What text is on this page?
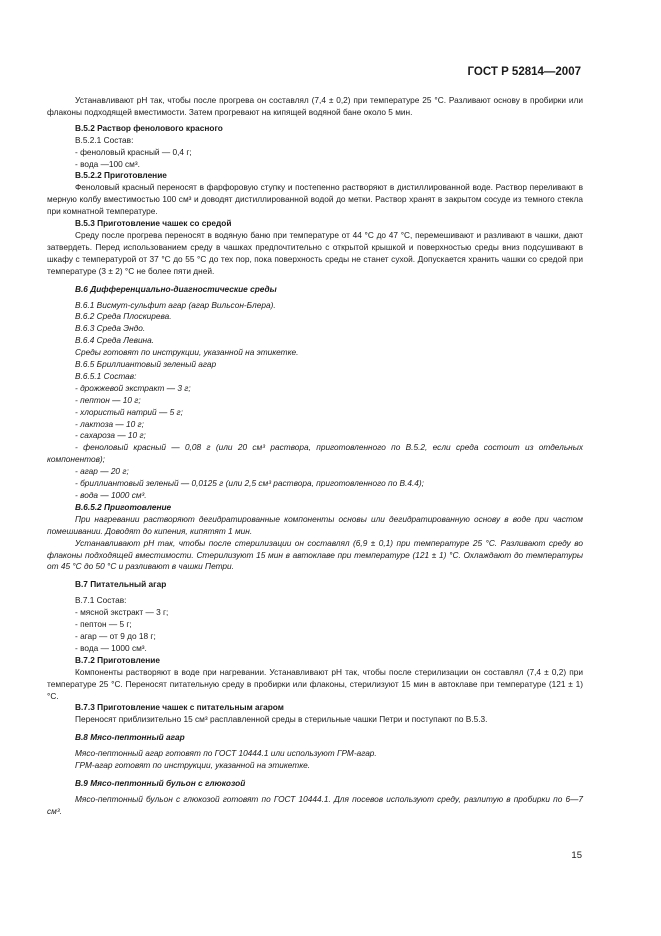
ГОСТ Р 52814—2007

Устанавливают pH так, чтобы после прогрева он составлял (7,4 ± 0,2) при температуре 25 °С. Разливают основу в пробирки или флаконы подходящей вместимости. Затем прогревают на кипящей водяной бане около 5 мин.

В.5.2 Раствор фенолового красного

В.5.2.1 Состав:

- феноловый красный — 0,4 г;

- вода —100 см³.

В.5.2.2 Приготовление

Феноловый красный переносят в фарфоровую ступку и постепенно растворяют в дистиллированной воде. Раствор переливают в мерную колбу вместимостью 100 см³ и доводят дистиллированной водой до метки. Раствор хранят в закрытом сосуде из темного стекла при комнатной температуре.

В.5.3 Приготовление чашек со средой

Среду после прогрева переносят в водяную баню при температуре от 44 °С до 47 °С, перемешивают и разливают в чашки, дают затвердеть. Перед использованием среду в чашках предпочтительно с открытой крышкой и поверхностью среды вниз подсушивают в шкафу с температурой от 37 °С до 55 °С до тех пор, пока поверхность среды не станет сухой. Допускается хранить чашки со средой при температуре (3 ± 2) °С не более пяти дней.

В.6 Дифференциально-диагностические среды

В.6.1 Висмут-сульфит агар (агар Вильсон-Блера).

В.6.2 Среда Плоскирева.

В.6.3 Среда Эндо.

В.6.4 Среда Левина.

Среды готовят по инструкции, указанной на этикетке.

В.6.5 Бриллиантовый зеленый агар

В.6.5.1 Состав:

- дрожжевой экстракт — 3 г;

- пептон — 10 г;

- хлористый натрий — 5 г;

- лактоза — 10 г;

- сахароза — 10 г;

- феноловый красный — 0,08 г (или 20 см³ раствора, приготовленного по В.5.2, если среда состоит из отдельных компонентов);

- агар — 20 г;

- бриллиантовый зеленый — 0,0125 г (или 2,5 см³ раствора, приготовленного по В.4.4);

- вода — 1000 см³.

В.6.5.2 Приготовление

При нагревании растворяют дегидратированные компоненты основы или дегидратированную основу в воде при частом помешивании. Доводят до кипения, кипятят 1 мин.

Устанавливают pH так, чтобы после стерилизации он составлял (6,9 ± 0,1) при температуре 25 °С. Разливают среду во флаконы подходящей вместимости. Стерилизуют 15 мин в автоклаве при температуре (121 ± 1) °С. Охлаждают до температуры от 45 °С до 50 °С и разливают в чашки Петри.

В.7 Питательный агар

В.7.1 Состав:

- мясной экстракт — 3 г;

- пептон — 5 г;

- агар — от 9 до 18 г;

- вода — 1000 см³.

В.7.2 Приготовление

Компоненты растворяют в воде при нагревании. Устанавливают pH так, чтобы после стерилизации он составлял (7,4 ± 0,2) при температуре 25 °С. Переносят питательную среду в пробирки или флаконы, стерилизуют 15 мин в автоклаве при температуре (121 ± 1) °С.

В.7.3 Приготовление чашек с питательным агаром

Переносят приблизительно 15 см³ расплавленной среды в стерильные чашки Петри и поступают по В.5.3.

В.8 Мясо-пептонный агар

Мясо-пептонный агар готовят по ГОСТ 10444.1 или используют ГРМ-агар.

ГРМ-агар готовят по инструкции, указанной на этикетке.

В.9 Мясо-пептонный бульон с глюкозой

Мясо-пептонный бульон с глюкозой готовят по ГОСТ 10444.1. Для посевов используют среду, разлитую в пробирки по 6—7 см³.

15
